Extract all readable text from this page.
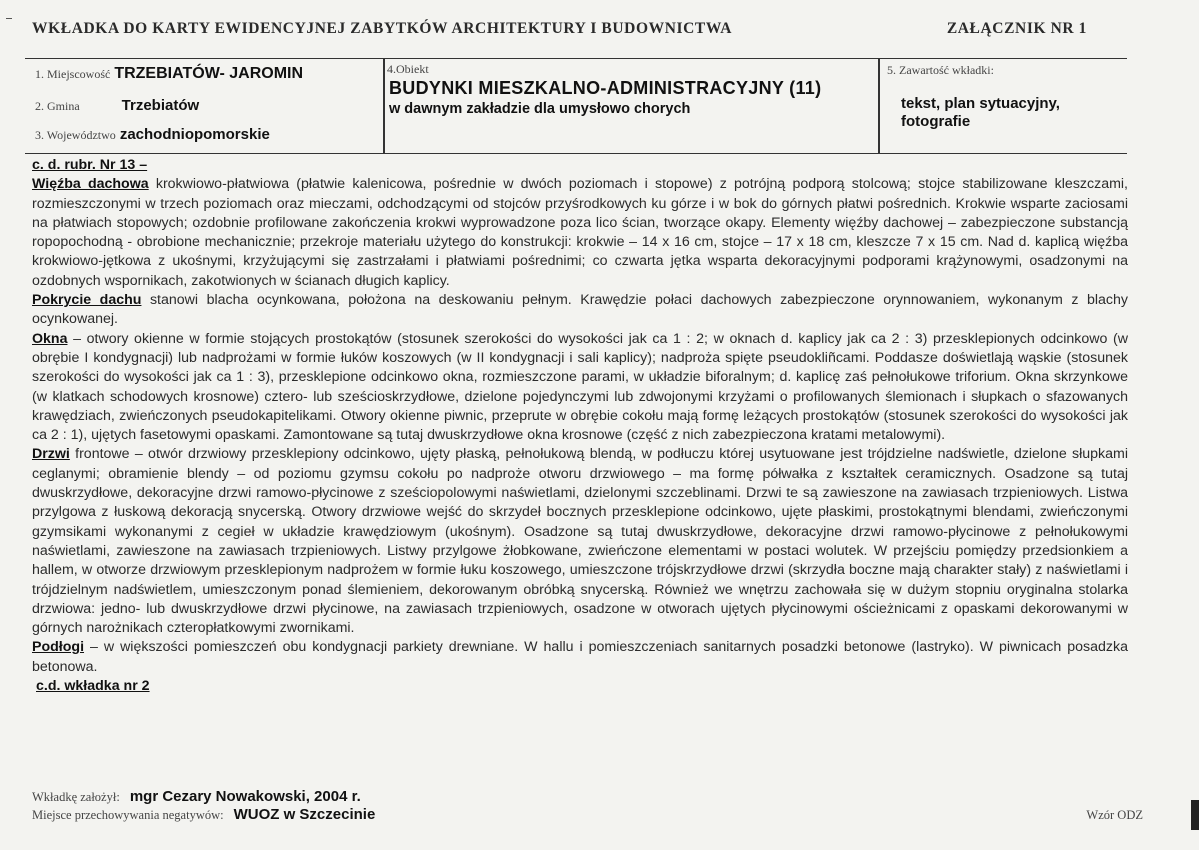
WKŁADKA DO KARTY EWIDENCYJNEJ ZABYTKÓW ARCHITEKTURY I BUDOWNICTWA	ZAŁĄCZNIK NR 1
1. Miejscowość TRZEBIATÓW- JAROMIN
2. Gmina	Trzebiatów
3. Województwo zachodniopomorskie
4.Obiekt
BUDYNKI MIESZKALNO-ADMINISTRACYJNY (11)
w dawnym zakładzie dla umysłowo chorych
5. Zawartość wkładki:
tekst, plan sytuacyjny, fotografie

c. d. rubr. Nr 13 –

Więźba dachowa krokwiowo-płatwiowa (płatwie kalenicowa, pośrednie w dwóch poziomach i stopowe) z potrójną podporą stolcową; stojce stabilizowane kleszczami, rozmieszczonymi w trzech poziomach oraz mieczami, odchodzącymi od stojców przyśrodkowych ku górze i w bok do górnych płatwi pośrednich. Krokwie wsparte zaciosami na płatwiach stopowych; ozdobnie profilowane zakończenia krokwi wyprowadzone poza lico ścian, tworzące okapy. Elementy więźby dachowej – zabezpieczone substancją ropopochodną - obrobione mechanicznie; przekroje materiału użytego do konstrukcji: krokwie – 14 x 16 cm, stojce – 17 x 18 cm, kleszcze 7 x 15 cm. Nad d. kaplicą więźba krokwiowo-jętkowa z ukośnymi, krzyżującymi się zastrzałami i płatwiami pośrednimi; co czwarta jętka wsparta dekoracyjnymi podporami krążynowymi, osadzonymi na ozdobnych wspornikach, zakotwionych w ścianach długich kaplicy.

Pokrycie dachu stanowi blacha ocynkowana, położona na deskowaniu pełnym. Krawędzie połaci dachowych zabezpieczone orynnowaniem, wykonanym z blachy ocynkowanej.

Okna – otwory okienne w formie stojących prostokątów (stosunek szerokości do wysokości jak ca 1 : 2; w oknach d. kaplicy jak ca 2 : 3) przesklepionych odcinkowo (w obrębie I kondygnacji) lub nadprożami w formie łuków koszowych (w II kondygnacji i sali kaplicy); nadproża spięte pseudokliñcami. Poddasze doświetlają wąskie (stosunek szerokości do wysokości jak ca 1 : 3), przesklepione odcinkowo okna, rozmieszczone parami, w układzie biforalnym; d. kaplicę zaś pełnołukowe triforium. Okna skrzynkowe (w klatkach schodowych krosnowe) cztero- lub sześcioskrzydłowe, dzielone pojedynczymi lub zdwojonymi krzyżami o profilowanych ślemionach i słupkach o sfazowanych krawędziach, zwieńczonych pseudokapitelikami. Otwory okienne piwnic, przeprute w obrębie cokołu mają formę leżących prostokątów (stosunek szerokości do wysokości jak ca 2 : 1), ujętych fasetowymi opaskami. Zamontowane są tutaj dwuskrzydłowe okna krosnowe (część z nich zabezpieczona kratami metalowymi).

Drzwi frontowe – otwór drzwiowy przesklepiony odcinkowo, ujęty płaską, pełnołukową blendą, w podłuczu której usytuowane jest trójdzielne nadświetle, dzielone słupkami ceglanymi; obramienie blendy – od poziomu gzymsu cokołu po nadproże otworu drzwiowego – ma formę półwałka z kształtek ceramicznych. Osadzone są tutaj dwuskrzydłowe, dekoracyjne drzwi ramowo-płycinowe z sześciopolowymi naświetlami, dzielonymi szczeblinami. Drzwi te są zawieszone na zawiasach trzpieniowych. Listwa przylgowa z łuskową dekoracją snycerską. Otwory drzwiowe wejść do skrzydeł bocznych przesklepione odcinkowo, ujęte płaskimi, prostokątnymi blendami, zwieńczonymi gzymsikami wykonanymi z cegieł w układzie krawędziowym (ukośnym). Osadzone są tutaj dwuskrzydłowe, dekoracyjne drzwi ramowo-płycinowe z pełnołukowymi naświetlami, zawieszone na zawiasach trzpieniowych. Listwy przylgowe żłobkowane, zwieńczone elementami w postaci wolutek. W przejściu pomiędzy przedsionkiem a hallem, w otworze drzwiowym przesklepionym nadprożem w formie łuku koszowego, umieszczone trójskrzydłowe drzwi (skrzydła boczne mają charakter stały) z naświetlami i trójdzielnym nadświetlem, umieszczonym ponad ślemieniem, dekorowanym obróbką snycerską. Również we wnętrzu zachowała się w dużym stopniu oryginalna stolarka drzwiowa: jedno- lub dwuskrzydłowe drzwi płycinowe, na zawiasach trzpieniowych, osadzone w otworach ujętych płycinowymi ościeżnicami z opaskami dekorowanymi w górnych narożnikach czteropłatkowymi zwornikami.

Podłogi – w większości pomieszczeń obu kondygnacji parkiety drewniane. W hallu i pomieszczeniach sanitarnych posadzki betonowe (lastryko). W piwnicach posadzka betonowa.

c.d. wkładka nr 2

Wkładkę założył: mgr Cezary Nowakowski, 2004 r.
Miejsce przechowywania negatywów: WUOZ w Szczecinie	Wzór ODZ
